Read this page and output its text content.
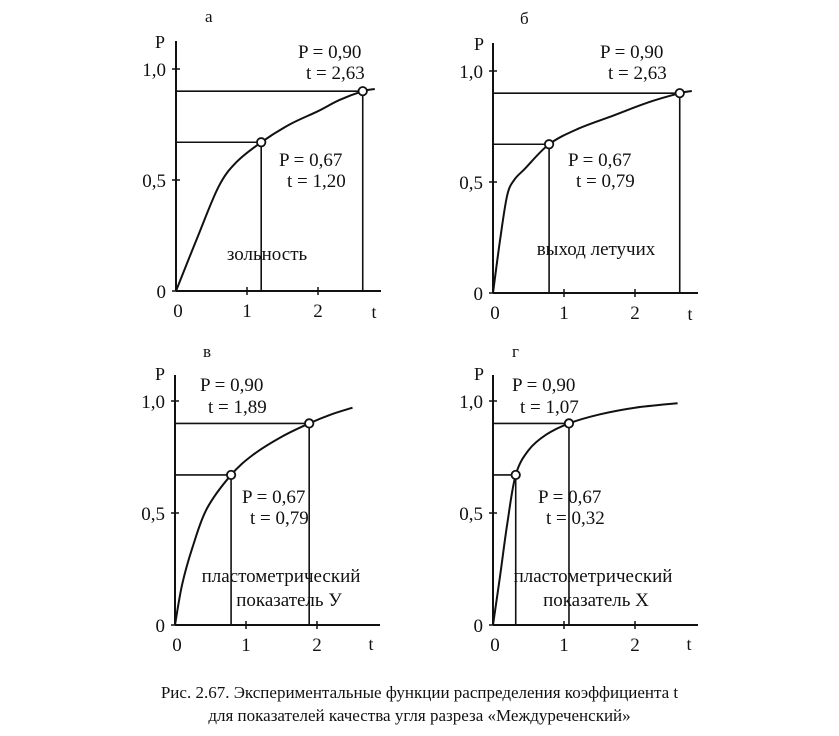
а
0
0,5
1,0
0	1	2
P
t
P = 0,67
t = 1,20
P = 0,90
t = 2,63
зольность
б
0
0,5
1,0
0	1	2
P
t
P = 0,67
t = 0,79
P = 0,90
t = 2,63
выход летучих
в
0
0,5
1,0
0	1	2
P
t
P = 0,67
t = 0,79
P = 0,90
t = 1,89
пластометрический
показатель У
г
0
0,5
1,0
0	1	2
P
t
P = 0,67
t = 0,32
P = 0,90
t = 1,07
пластометрический
показатель Х
Рис. 2.67. Экспериментальные функции распределения коэффициента t
для показателей качества угля разреза «Междуреченский»
